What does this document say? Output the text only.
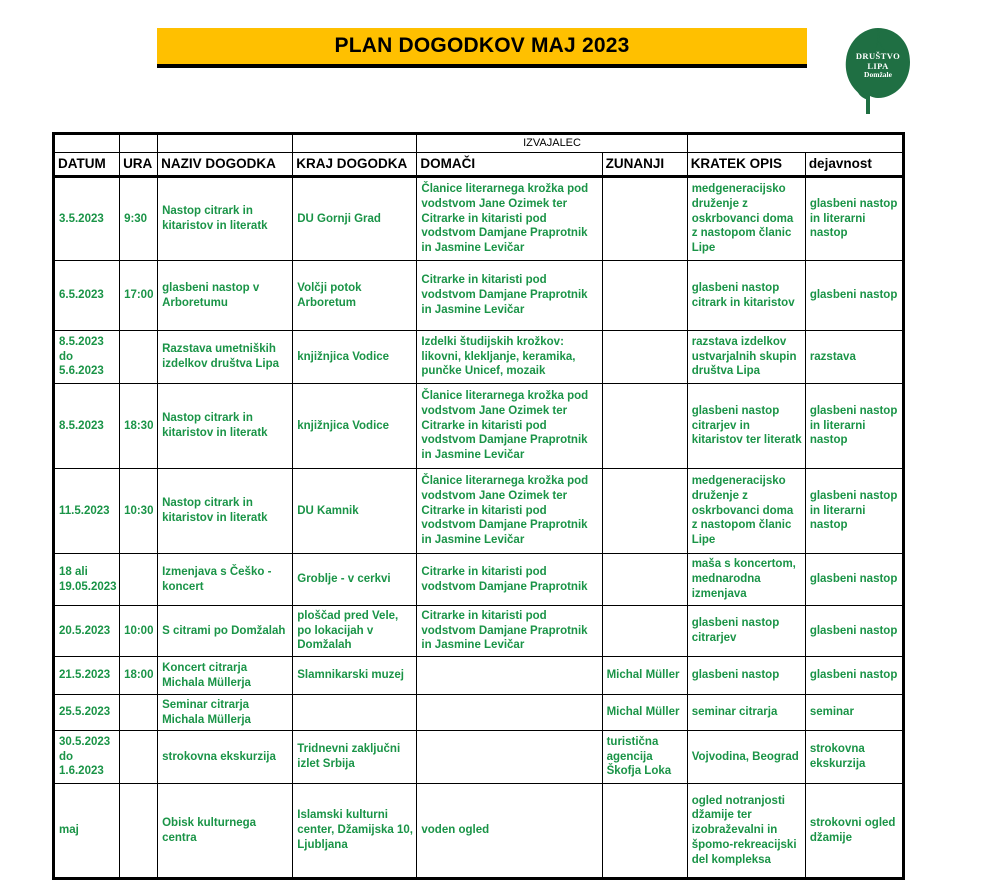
PLAN DOGODKOV MAJ 2023	DRUŠTVO
LIPA
Domžale
				IZVAJALEC			
DATUM	URA	NAZIV DOGODKA	KRAJ DOGODKA	DOMAČI	ZUNANJI	KRATEK OPIS	dejavnost
3.5.2023	9:30	Nastop citrark in kitaristov in literatk	DU Gornji Grad	Članice literarnega krožka pod vodstvom Jane Ozimek ter Citrarke in kitaristi pod vodstvom Damjane Praprotnik in Jasmine Levičar		medgeneracijsko druženje z oskrbovanci doma z nastopom članic Lipe	glasbeni nastop in literarni nastop
6.5.2023	17:00	glasbeni nastop v Arboretumu	Volčji potok Arboretum	Citrarke in kitaristi pod vodstvom Damjane Praprotnik in Jasmine Levičar		glasbeni nastop citrark in kitaristov	glasbeni nastop
8.5.2023 do 5.6.2023		Razstava umetniških izdelkov društva Lipa	knjižnjica Vodice	Izdelki študijskih krožkov: likovni, klekljanje, keramika, punčke Unicef, mozaik		razstava izdelkov ustvarjalnih skupin društva Lipa	razstava
8.5.2023	18:30	Nastop citrark in kitaristov in literatk	knjižnjica Vodice	Članice literarnega krožka pod vodstvom Jane Ozimek ter Citrarke in kitaristi pod vodstvom Damjane Praprotnik in Jasmine Levičar		glasbeni nastop citrarjev in kitaristov ter literatk	glasbeni nastop in literarni nastop
11.5.2023	10:30	Nastop citrark in kitaristov in literatk	DU Kamnik	Članice literarnega krožka pod vodstvom Jane Ozimek ter Citrarke in kitaristi pod vodstvom Damjane Praprotnik in Jasmine Levičar		medgeneracijsko druženje z oskrbovanci doma z nastopom članic Lipe	glasbeni nastop in literarni nastop
18 ali 19.05.2023		Izmenjava s Češko - koncert	Groblje - v cerkvi	Citrarke in kitaristi pod vodstvom Damjane Praprotnik		maša s koncertom, mednarodna izmenjava	glasbeni nastop
20.5.2023	10:00	S citrami po Domžalah	ploščad pred Vele, po lokacijah v Domžalah	Citrarke in kitaristi pod vodstvom Damjane Praprotnik in Jasmine Levičar		glasbeni nastop citrarjev	glasbeni nastop
21.5.2023	18:00	Koncert citrarja Michala Müllerja	Slamnikarski muzej		Michal Müller	glasbeni nastop	glasbeni nastop
25.5.2023		Seminar citrarja Michala Müllerja			Michal Müller	seminar citrarja	seminar
30.5.2023 do 1.6.2023		strokovna ekskurzija	Tridnevni zaključni izlet Srbija		turistična agencija Škofja Loka	Vojvodina, Beograd	strokovna ekskurzija
maj		Obisk kulturnega centra	Islamski kulturni center, Džamijska 10, Ljubljana	voden ogled		ogled notranjosti džamije ter izobraževalni in špomo-rekreacijski del kompleksa	strokovni ogled džamije
